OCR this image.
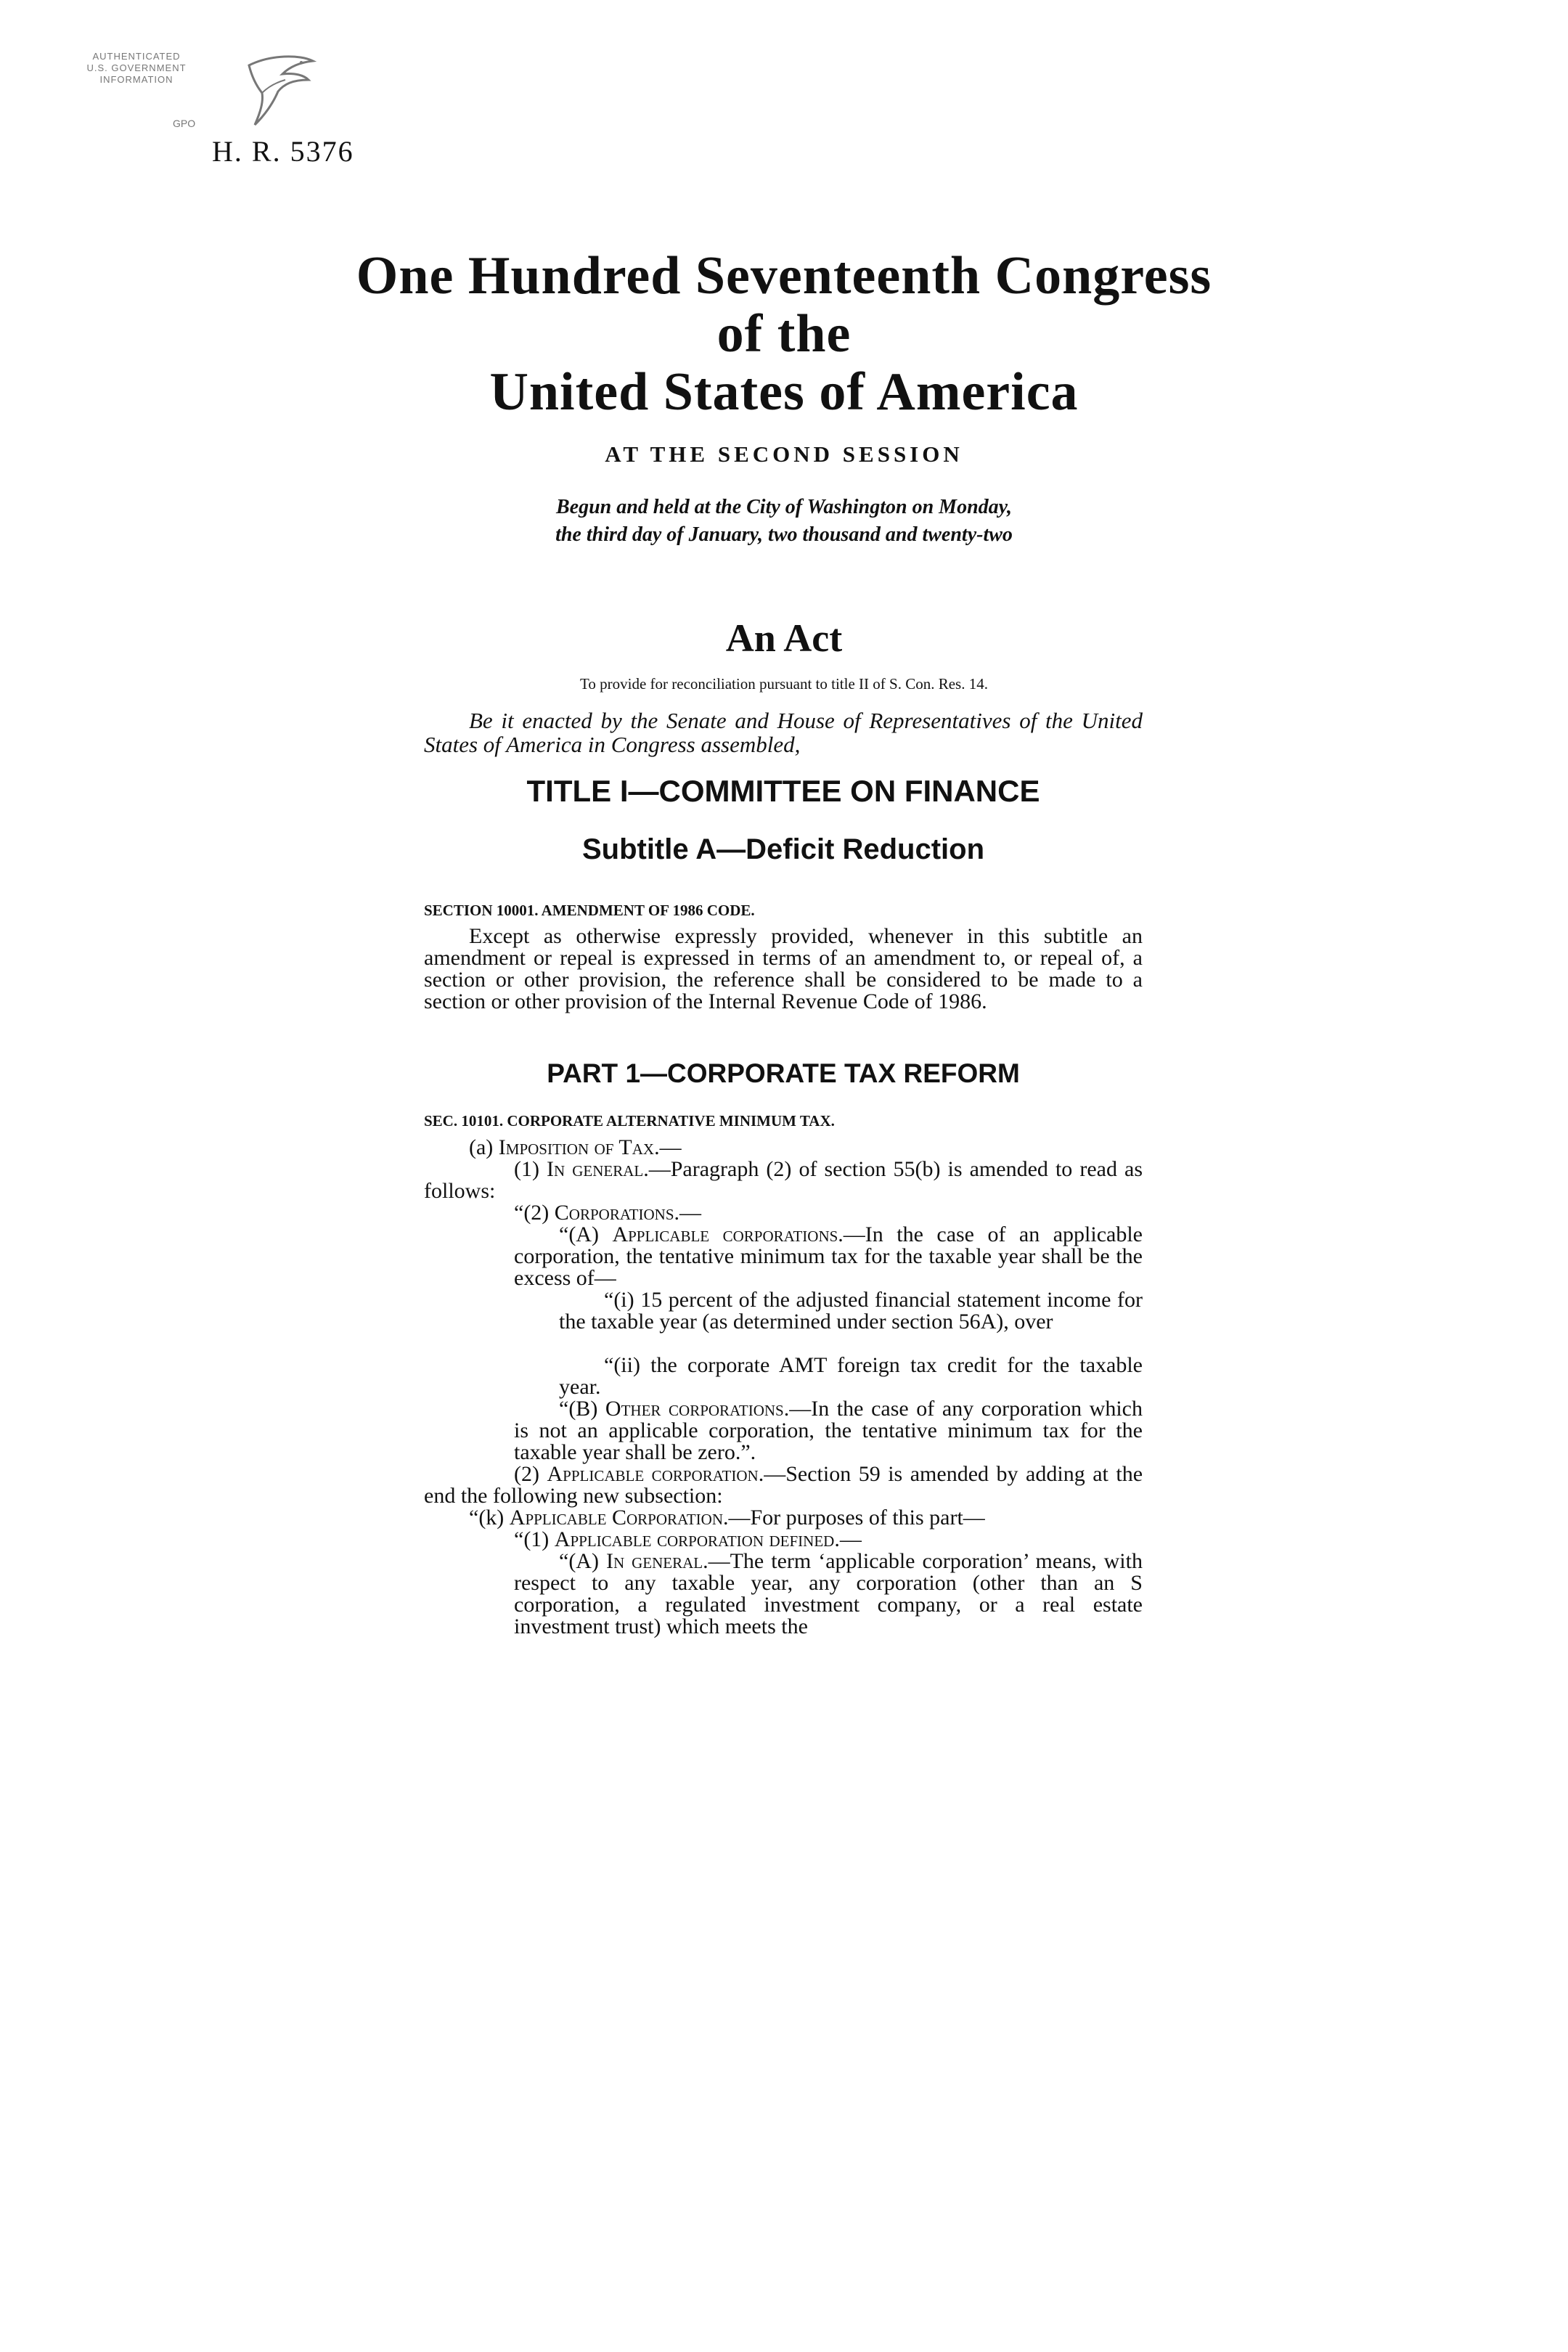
AUTHENTICATED
U.S. GOVERNMENT
INFORMATION
GPO
H. R. 5376
One Hundred Seventeenth Congress
of the
United States of America
AT THE SECOND SESSION
Begun and held at the City of Washington on Monday,
the third day of January, two thousand and twenty-two
An Act
To provide for reconciliation pursuant to title II of S. Con. Res. 14.
Be it enacted by the Senate and House of Representatives of the United States of America in Congress assembled,
TITLE I—COMMITTEE ON FINANCE
Subtitle A—Deficit Reduction
SECTION 10001. AMENDMENT OF 1986 CODE.
Except as otherwise expressly provided, whenever in this subtitle an amendment or repeal is expressed in terms of an amendment to, or repeal of, a section or other provision, the reference shall be considered to be made to a section or other provision of the Internal Revenue Code of 1986.
PART 1—CORPORATE TAX REFORM
SEC. 10101. CORPORATE ALTERNATIVE MINIMUM TAX.
(a) Imposition of Tax.—
(1) In general.—Paragraph (2) of section 55(b) is amended to read as follows:
“(2) Corporations.—
“(A) Applicable corporations.—In the case of an applicable corporation, the tentative minimum tax for the taxable year shall be the excess of—
“(i) 15 percent of the adjusted financial statement income for the taxable year (as determined under section 56A), over
“(ii) the corporate AMT foreign tax credit for the taxable year.
“(B) Other corporations.—In the case of any corporation which is not an applicable corporation, the tentative minimum tax for the taxable year shall be zero.”.
(2) Applicable corporation.—Section 59 is amended by adding at the end the following new subsection:
“(k) Applicable Corporation.—For purposes of this part—
“(1) Applicable corporation defined.—
“(A) In general.—The term ‘applicable corporation’ means, with respect to any taxable year, any corporation (other than an S corporation, a regulated investment company, or a real estate investment trust) which meets the
